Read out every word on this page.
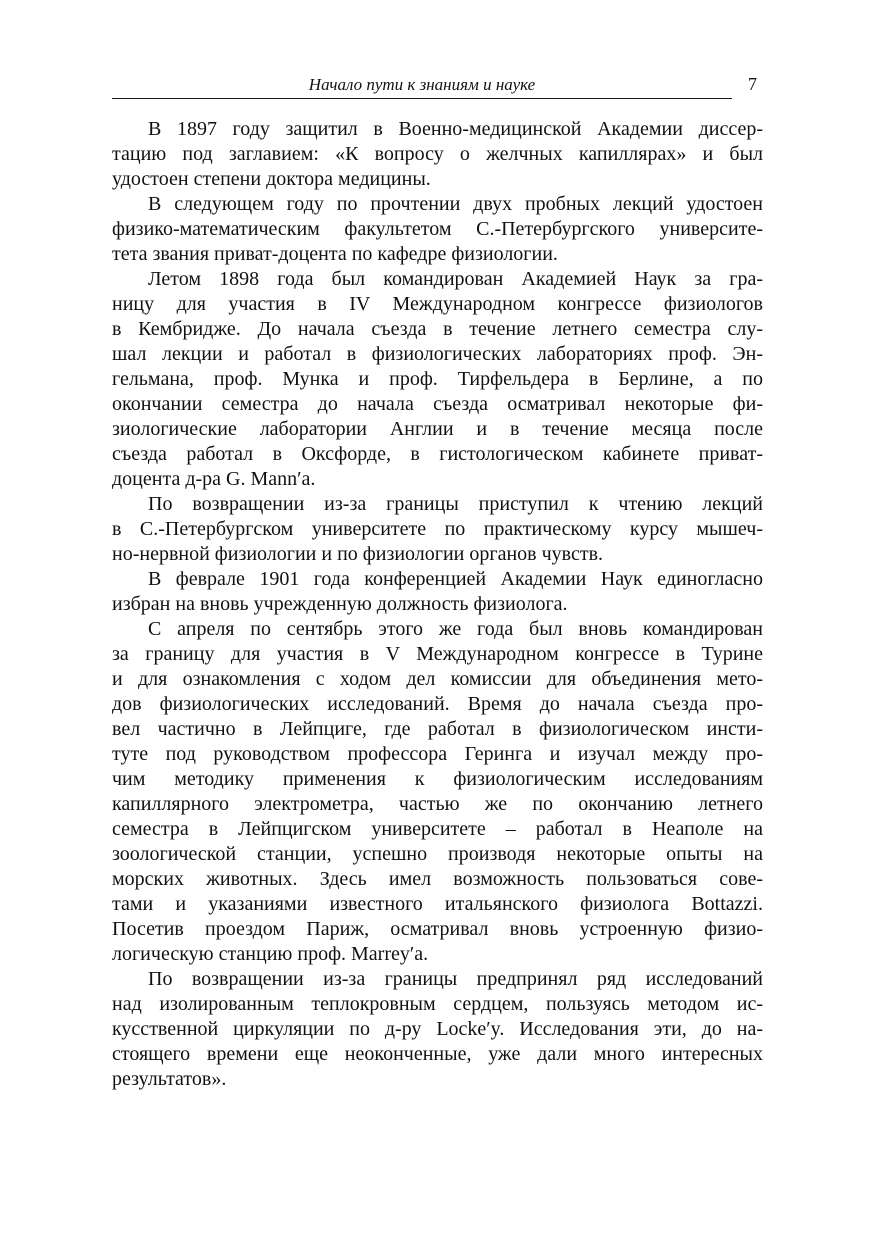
Начало пути к знаниям и науке	7
В 1897 году защитил в Военно-медицинской Академии диссер-
тацию под заглавием: «К вопросу о желчных капиллярах» и был
удостоен степени доктора медицины.
В следующем году по прочтении двух пробных лекций удостоен
физико-математическим факультетом С.-Петербургского университе-
тета звания приват-доцента по кафедре физиологии.
Летом 1898 года был командирован Академией Наук за гра-
ницу для участия в IV Международном конгрессе физиологов
в Кембридже. До начала съезда в течение летнего семестра слу-
шал лекции и работал в физиологических лабораториях проф. Эн-
гельмана, проф. Мунка и проф. Тирфельдера в Берлине, а по
окончании семестра до начала съезда осматривал некоторые фи-
зиологические лаборатории Англии и в течение месяца после
съезда работал в Оксфорде, в гистологическом кабинете приват-
доцента д-ра G. Mann′a.
По возвращении из-за границы приступил к чтению лекций
в С.-Петербургском университете по практическому курсу мышеч-
но-нервной физиологии и по физиологии органов чувств.
В феврале 1901 года конференцией Академии Наук единогласно
избран на вновь учрежденную должность физиолога.
С апреля по сентябрь этого же года был вновь командирован
за границу для участия в V Международном конгрессе в Турине
и для ознакомления с ходом дел комиссии для объединения мето-
дов физиологических исследований. Время до начала съезда про-
вел частично в Лейпциге, где работал в физиологическом инсти-
туте под руководством профессора Геринга и изучал между про-
чим методику применения к физиологическим исследованиям
капиллярного электрометра, частью же по окончанию летнего
семестра в Лейпцигском университете – работал в Неаполе на
зоологической станции, успешно производя некоторые опыты на
морских животных. Здесь имел возможность пользоваться сове-
тами и указаниями известного итальянского физиолога Bottazzi.
Посетив проездом Париж, осматривал вновь устроенную физио-
логическую станцию проф. Marrey′a.
По возвращении из-за границы предпринял ряд исследований
над изолированным теплокровным сердцем, пользуясь методом ис-
кусственной циркуляции по д-ру Locke′y. Исследования эти, до на-
стоящего времени еще неоконченные, уже дали много интересных
результатов».
